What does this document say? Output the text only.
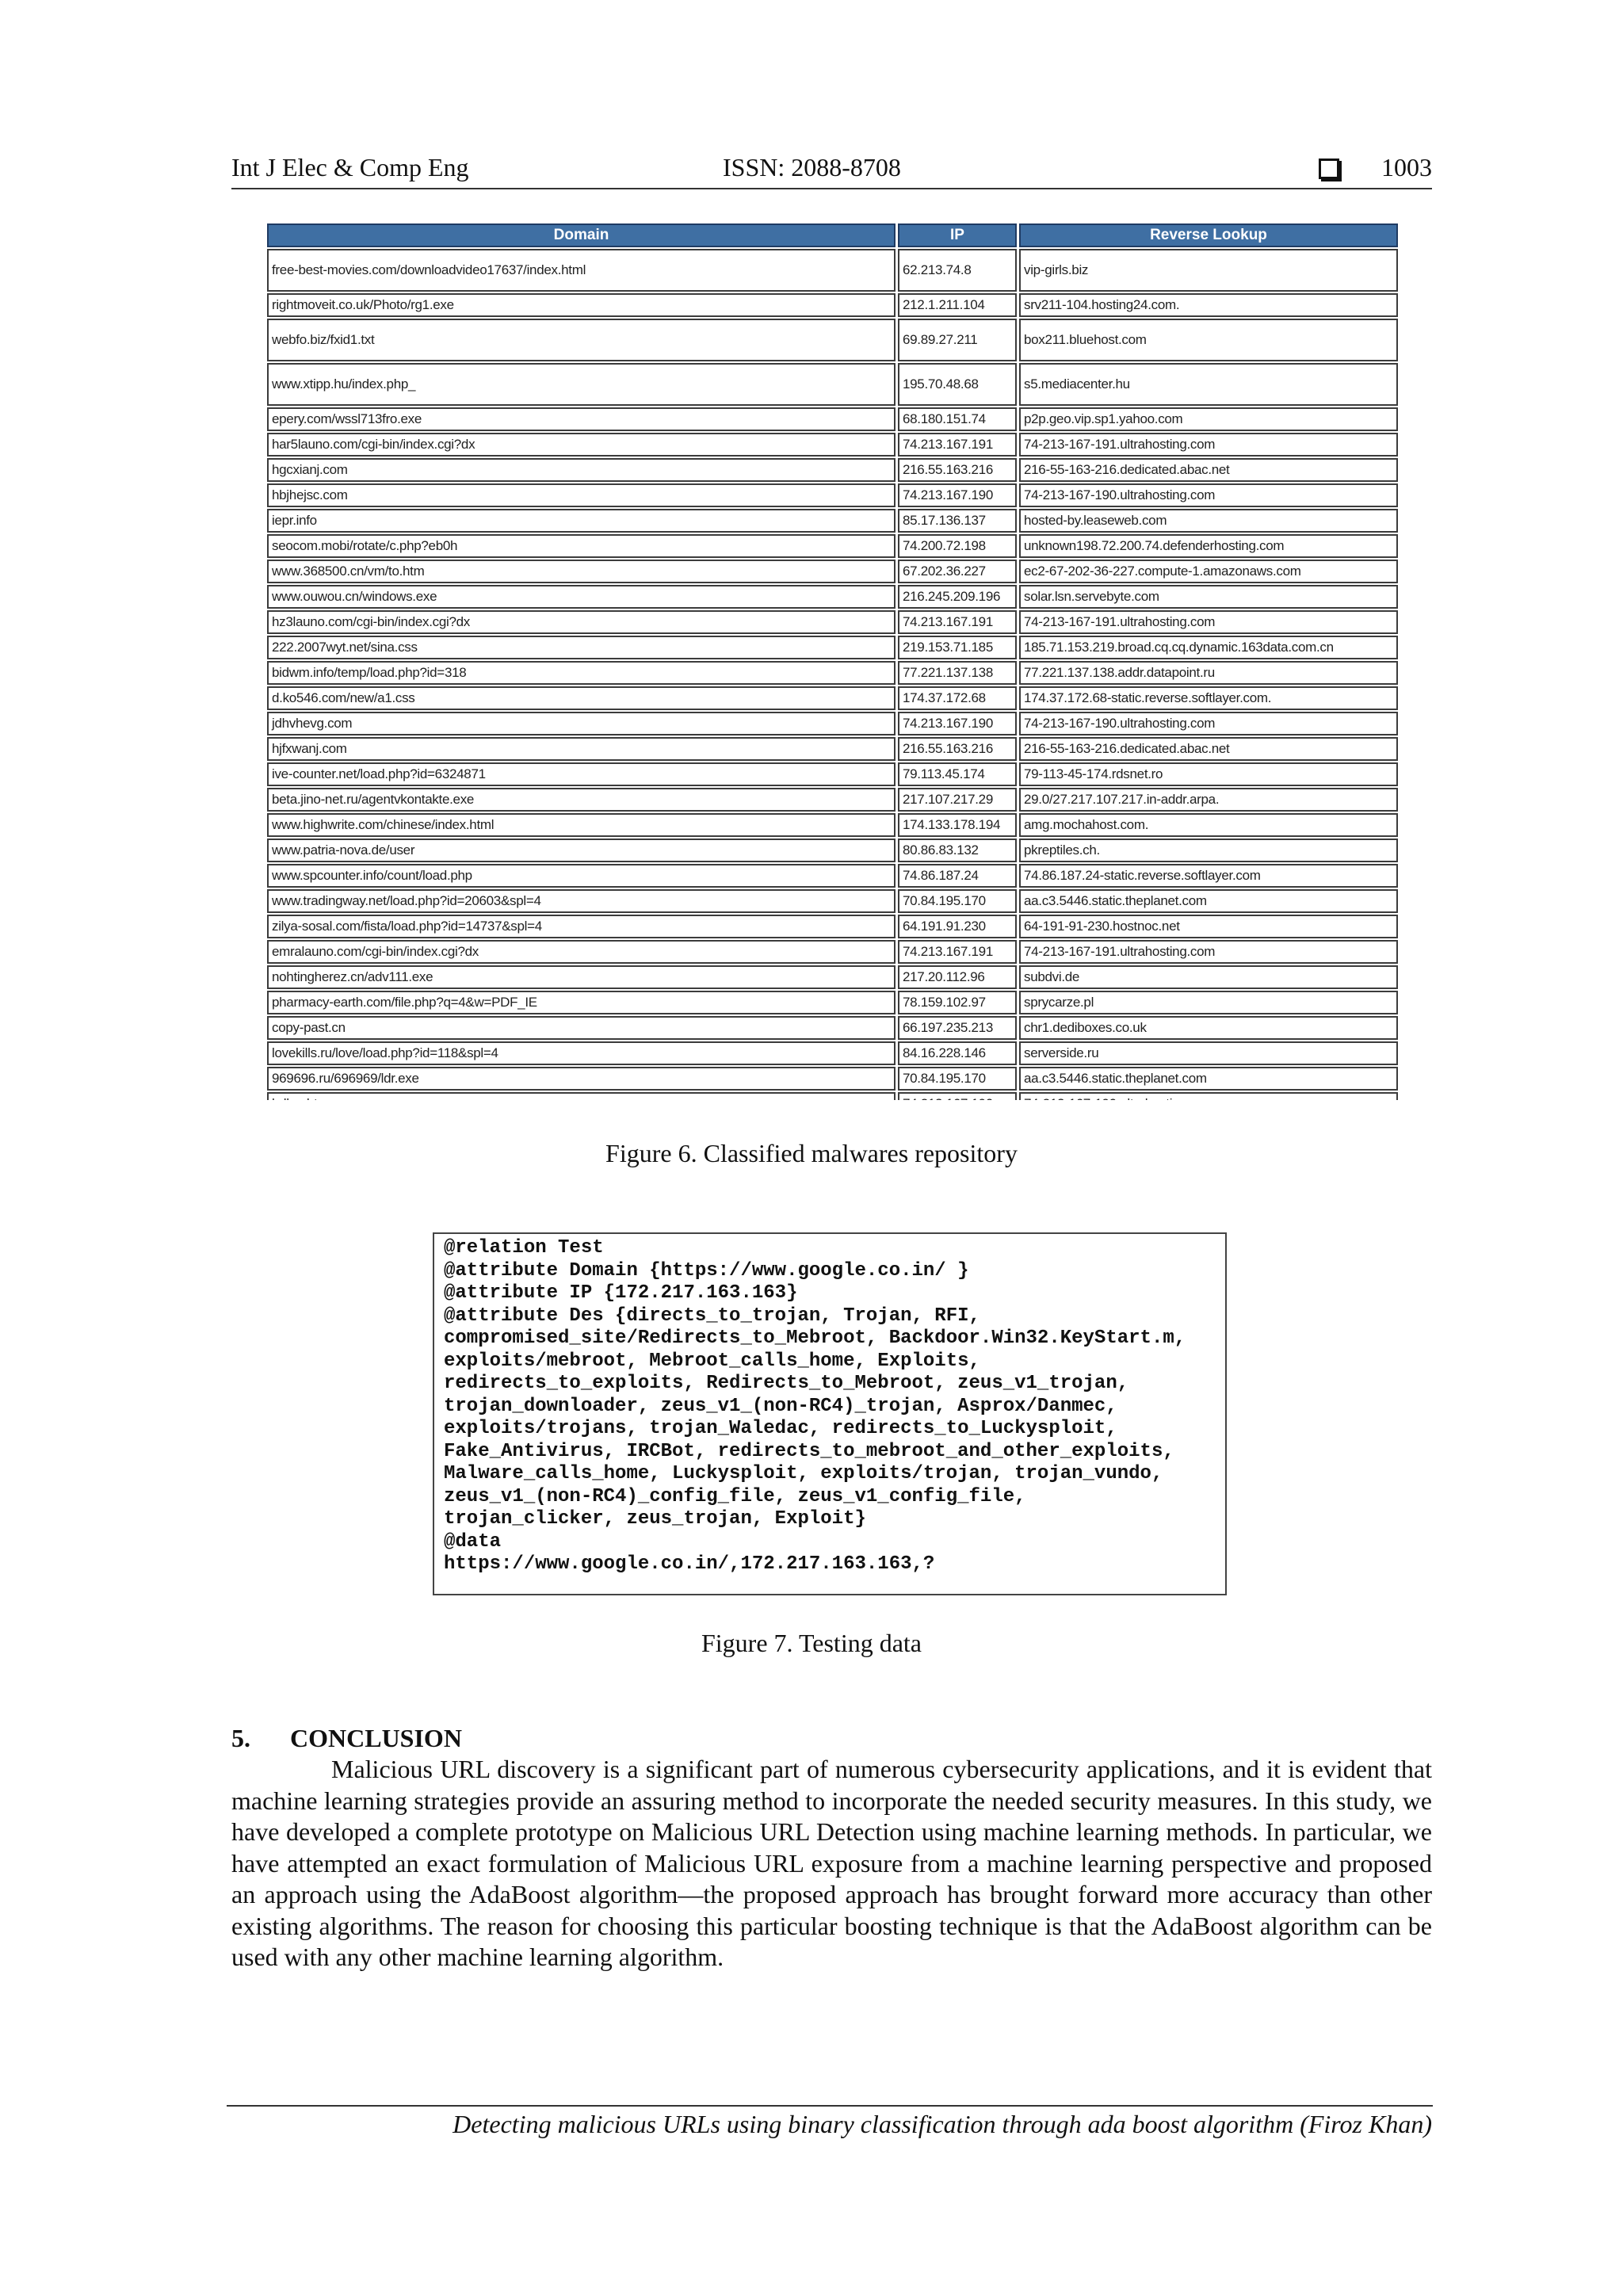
Int J Elec & Comp Eng	ISSN: 2088-8708	1003
Domain	IP	Reverse Lookup
free-best-movies.com/downloadvideo17637/index.html	62.213.74.8	vip-girls.biz
rightmoveit.co.uk/Photo/rg1.exe	212.1.211.104	srv211-104.hosting24.com.
webfo.biz/fxid1.txt	69.89.27.211	box211.bluehost.com
www.xtipp.hu/index.php_	195.70.48.68	s5.mediacenter.hu
epery.com/wssl713fro.exe	68.180.151.74	p2p.geo.vip.sp1.yahoo.com
har5launo.com/cgi-bin/index.cgi?dx	74.213.167.191	74-213-167-191.ultrahosting.com
hgcxianj.com	216.55.163.216	216-55-163-216.dedicated.abac.net
hbjhejsc.com	74.213.167.190	74-213-167-190.ultrahosting.com
iepr.info	85.17.136.137	hosted-by.leaseweb.com
seocom.mobi/rotate/c.php?eb0h	74.200.72.198	unknown198.72.200.74.defenderhosting.com
www.368500.cn/vm/to.htm	67.202.36.227	ec2-67-202-36-227.compute-1.amazonaws.com
www.ouwou.cn/windows.exe	216.245.209.196	solar.lsn.servebyte.com
hz3launo.com/cgi-bin/index.cgi?dx	74.213.167.191	74-213-167-191.ultrahosting.com
222.2007wyt.net/sina.css	219.153.71.185	185.71.153.219.broad.cq.cq.dynamic.163data.com.cn
bidwm.info/temp/load.php?id=318	77.221.137.138	77.221.137.138.addr.datapoint.ru
d.ko546.com/new/a1.css	174.37.172.68	174.37.172.68-static.reverse.softlayer.com.
jdhvhevg.com	74.213.167.190	74-213-167-190.ultrahosting.com
hjfxwanj.com	216.55.163.216	216-55-163-216.dedicated.abac.net
ive-counter.net/load.php?id=6324871	79.113.45.174	79-113-45-174.rdsnet.ro
beta.jino-net.ru/agentvkontakte.exe	217.107.217.29	29.0/27.217.107.217.in-addr.arpa.
www.highwrite.com/chinese/index.html	174.133.178.194	amg.mochahost.com.
www.patria-nova.de/user	80.86.83.132	pkreptiles.ch.
www.spcounter.info/count/load.php	74.86.187.24	74.86.187.24-static.reverse.softlayer.com
www.tradingway.net/load.php?id=20603&spl=4	70.84.195.170	aa.c3.5446.static.theplanet.com
zilya-sosal.com/fista/load.php?id=14737&spl=4	64.191.91.230	64-191-91-230.hostnoc.net
emralauno.com/cgi-bin/index.cgi?dx	74.213.167.191	74-213-167-191.ultrahosting.com
nohtingherez.cn/adv111.exe	217.20.112.96	subdvi.de
pharmacy-earth.com/file.php?q=4&w=PDF_IE	78.159.102.97	sprycarze.pl
copy-past.cn	66.197.235.213	chr1.dediboxes.co.uk
lovekills.ru/love/load.php?id=118&spl=4	84.16.228.146	serverside.ru
969696.ru/696969/ldr.exe	70.84.195.170	aa.c3.5446.static.theplanet.com

Figure 6. Classified malwares repository
@relation Test
@attribute Domain {https://www.google.co.in/ }
@attribute IP {172.217.163.163}
@attribute Des {directs_to_trojan, Trojan, RFI,
compromised_site/Redirects_to_Mebroot, Backdoor.Win32.KeyStart.m,
exploits/mebroot, Mebroot_calls_home, Exploits,
redirects_to_exploits, Redirects_to_Mebroot, zeus_v1_trojan,
trojan_downloader, zeus_v1_(non-RC4)_trojan, Asprox/Danmec,
exploits/trojans, trojan_Waledac, redirects_to_Luckysploit,
Fake_Antivirus, IRCBot, redirects_to_mebroot_and_other_exploits,
Malware_calls_home, Luckysploit, exploits/trojan, trojan_vundo,
zeus_v1_(non-RC4)_config_file, zeus_v1_config_file,
trojan_clicker, zeus_trojan, Exploit}
@data
https://www.google.co.in/,172.217.163.163,?
Figure 7. Testing data
5. CONCLUSION
Malicious URL discovery is a significant part of numerous cybersecurity applications, and it is evident that machine learning strategies provide an assuring method to incorporate the needed security measures. In this study, we have developed a complete prototype on Malicious URL Detection using machine learning methods. In particular, we have attempted an exact formulation of Malicious URL exposure from a machine learning perspective and proposed an approach using the AdaBoost algorithm—the proposed approach has brought forward more accuracy than other existing algorithms. The reason for choosing this particular boosting technique is that the AdaBoost algorithm can be used with any other machine learning algorithm.
Detecting malicious URLs using binary classification through ada boost algorithm (Firoz Khan)
